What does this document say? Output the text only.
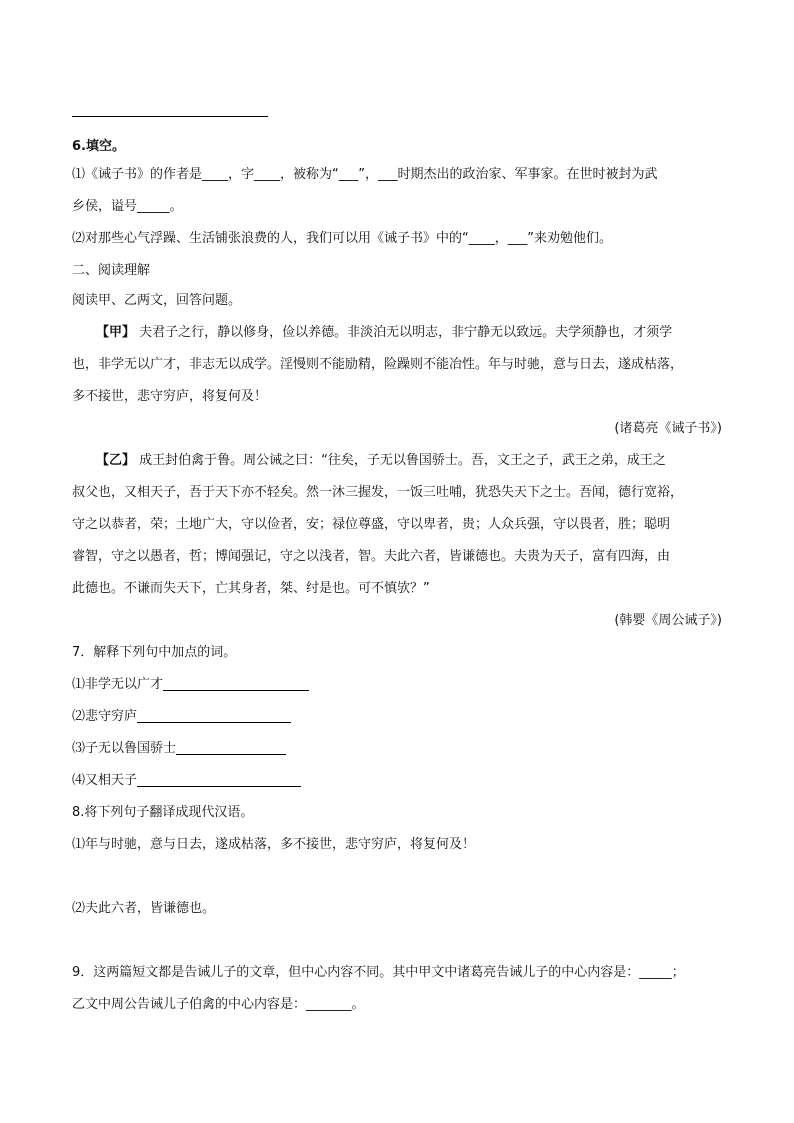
6.填空。
⑴《诫子书》的作者是____，字____，被称为“___”，___时期杰出的政治家、军事家。在世时被封为武
乡侯，谥号_____。
⑵对那些心气浮躁、生活铺张浪费的人，我们可以用《诫子书》中的“____，___”来劝勉他们。
二、阅读理解
阅读甲、乙两文，回答问题。
【甲】 夫君子之行，静以修身，俭以养德。非淡泊无以明志，非宁静无以致远。夫学须静也，才须学
也，非学无以广才，非志无以成学。淫慢则不能励精，险躁则不能冶性。年与时驰，意与日去，遂成枯落，
多不接世，悲守穷庐，将复何及！
(诸葛亮《诫子书》)
【乙】 成王封伯禽于鲁。周公诫之曰：“往矣，子无以鲁国骄士。吾，文王之子，武王之弟，成王之
叔父也，又相天子，吾于天下亦不轻矣。然一沐三握发，一饭三吐哺，犹恐失天下之士。吾闻，德行宽裕，
守之以恭者，荣；土地广大，守以俭者，安；禄位尊盛，守以卑者，贵；人众兵强，守以畏者，胜；聪明
睿智，守之以愚者，哲；博闻强记，守之以浅者，智。夫此六者，皆谦德也。夫贵为天子，富有四海，由
此德也。不谦而失天下，亡其身者，桀、纣是也。可不慎欤？”
(韩婴《周公诫子》)
7．解释下列句中加点的词。
⑴非学无以广才
⑵悲守穷庐
⑶子无以鲁国骄士
⑷又相天子
8.将下列句子翻译成现代汉语。
⑴年与时驰，意与日去，遂成枯落，多不接世，悲守穷庐，将复何及！
⑵夫此六者，皆谦德也。
9．这两篇短文都是告诫儿子的文章，但中心内容不同。其中甲文中诸葛亮告诫儿子的中心内容是：_____；
乙文中周公告诫儿子伯禽的中心内容是：_______。
